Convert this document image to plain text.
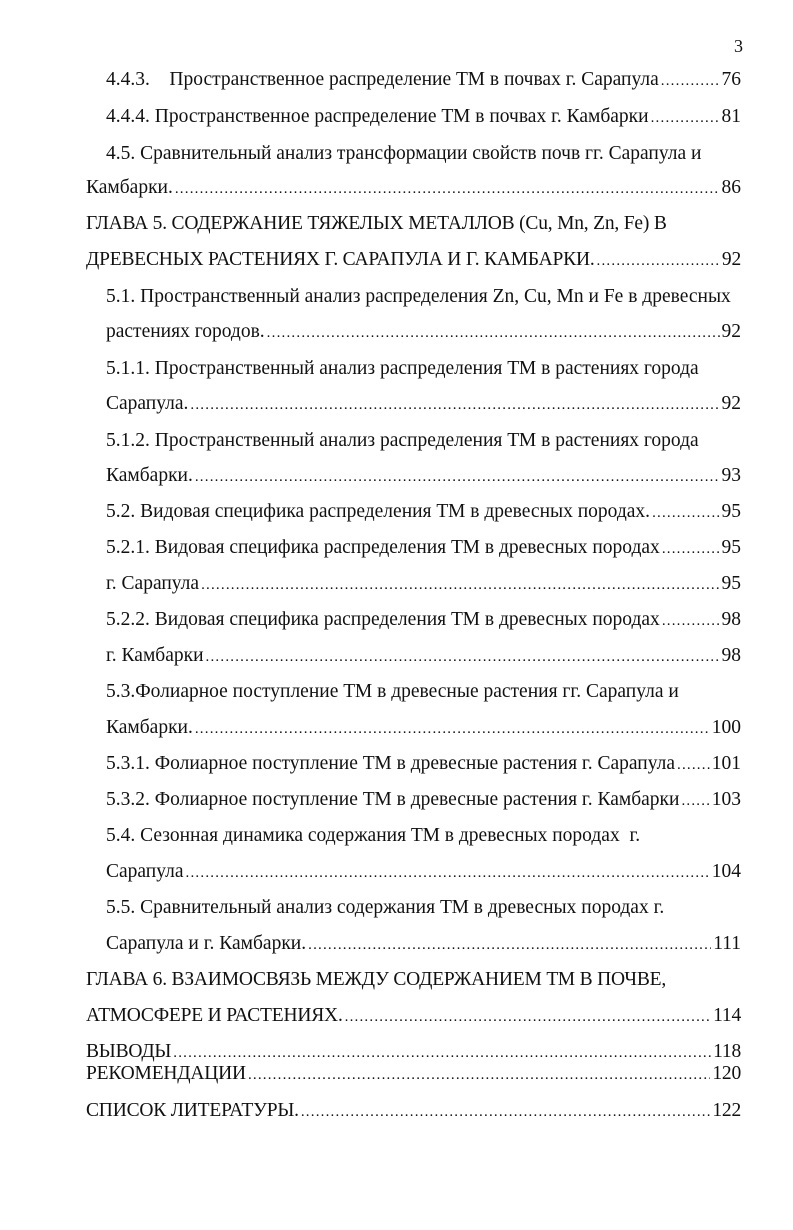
3
4.4.3. Пространственное распределение ТМ в почвах г. Сарапула .....	76
4.4.4. Пространственное распределение ТМ в почвах г. Камбарки .....	81
4.5. Сравнительный анализ трансформации свойств почв гг. Сарапула и
Камбарки. .....	86
ГЛАВА 5. СОДЕРЖАНИЕ ТЯЖЕЛЫХ МЕТАЛЛОВ (Cu, Mn, Zn, Fe) В
ДРЕВЕСНЫХ РАСТЕНИЯХ Г. САРАПУЛА И Г. КАМБАРКИ. .....	92
5.1. Пространственный анализ распределения Zn, Cu, Mn и Fe в древесных
растениях городов. .....	92
5.1.1. Пространственный анализ распределения ТМ в растениях города
Сарапула. .....	92
5.1.2. Пространственный анализ распределения ТМ в растениях города
Камбарки. .....	93
5.2. Видовая специфика распределения ТМ в древесных породах. .....	95
5.2.1. Видовая специфика распределения ТМ в древесных породах .....	95
г. Сарапула .....	95
5.2.2. Видовая специфика распределения ТМ в древесных породах .....	98
г. Камбарки .....	98
5.3.Фолиарное поступление ТМ в древесные растения гг. Сарапула и
Камбарки. .....	100
5.3.1. Фолиарное поступление ТМ в древесные растения г. Сарапула ..... 101
5.3.2. Фолиарное поступление ТМ в древесные растения г. Камбарки ..... 103
5.4. Сезонная динамика содержания ТМ в древесных породах г.
Сарапула .....	104
5.5. Сравнительный анализ содержания ТМ в древесных породах г.
Сарапула и г. Камбарки. .....	111
ГЛАВА 6. ВЗАИМОСВЯЗЬ МЕЖДУ СОДЕРЖАНИЕМ ТМ В ПОЧВЕ,
АТМОСФЕРЕ И РАСТЕНИЯХ. .....	114
ВЫВОДЫ .....	118
РЕКОМЕНДАЦИИ .....	120
СПИСОК ЛИТЕРАТУРЫ. .....	122
